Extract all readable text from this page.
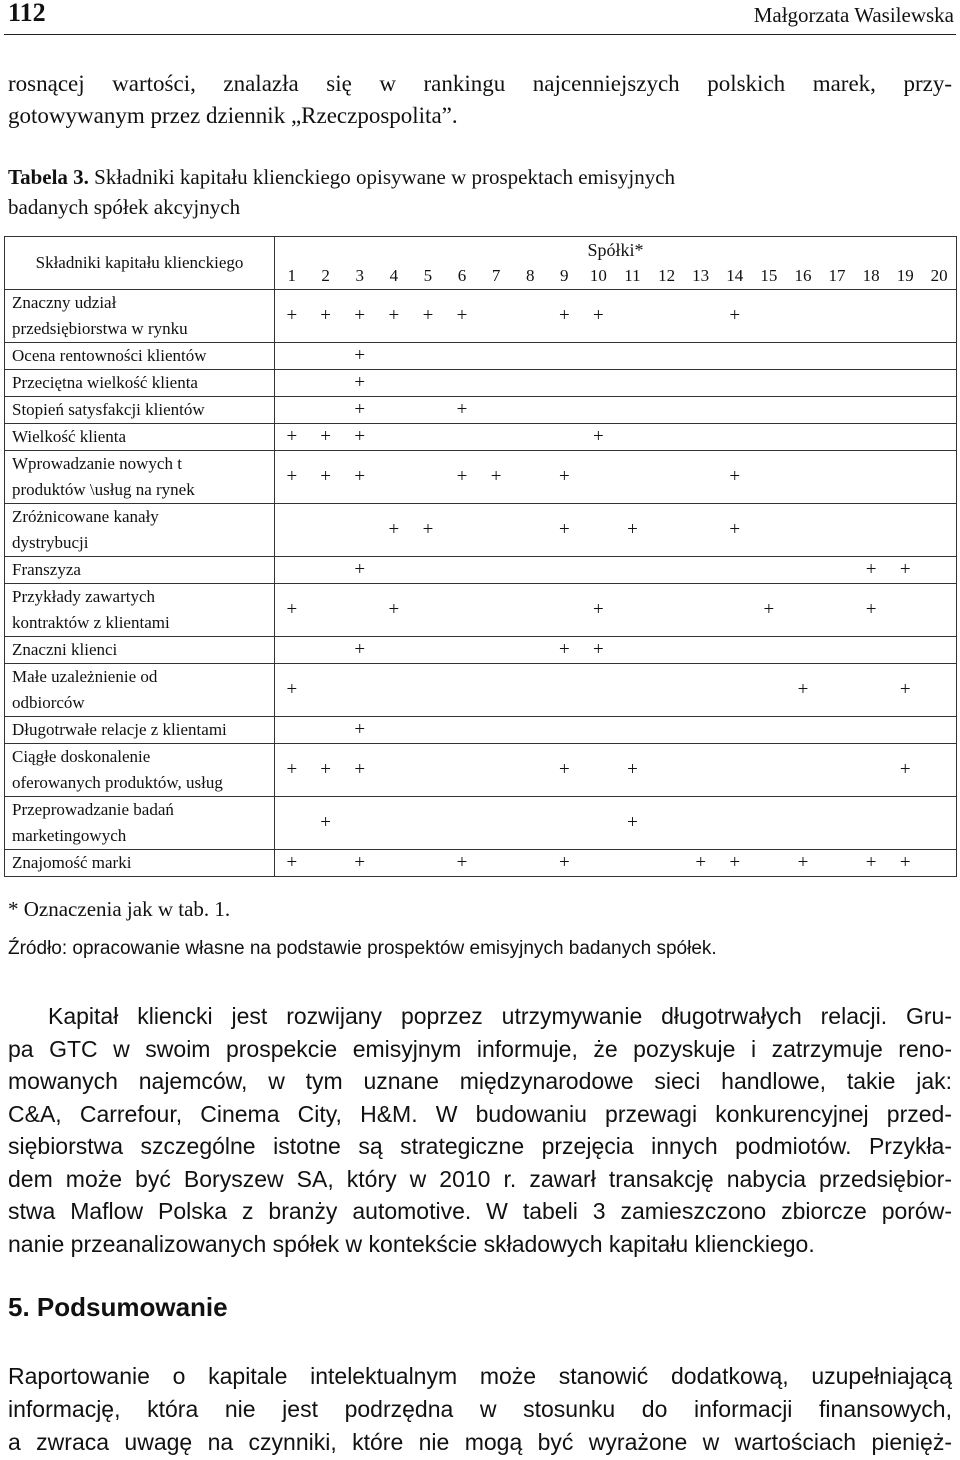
112	Małgorzata Wasilewska
rosnącej wartości, znalazła się w rankingu najcenniejszych polskich marek, przy-
gotowywanym przez dziennik „Rzeczpospolita”.
Tabela 3. Składniki kapitału klienckiego opisywane w prospektach emisyjnych
badanych spółek akcyjnych
Składniki kapitału klienckiego	Spółki*																			
	1	2	3	4	5	6	7	8	9	10	11	12	13	14	15	16	17	18	19	20

Znaczny udział
przedsiębiorstwa w rynku	+	+	+	+	+	+			+	+				+						

Ocena rentowności klientów			+																	

Przeciętna wielkość klienta			+																	

Stopień satysfakcji klientów			+			+														

Wielkość klienta	+	+	+							+										

Wprowadzanie nowych t
produktów \usług na rynek	+	+	+			+	+		+					+						

Zróżnicowane kanały
dystrybucji				+	+				+		+			+						

Franszyza			+															+	+	

Przykłady zawartych
kontraktów z klientami	+			+						+					+			+		

Znaczni klienci			+						+	+										

Małe uzależnienie od
odbiorców	+															+			+	

Długotrwałe relacje z klientami			+																	

Ciągłe doskonalenie
oferowanych produktów, usług	+	+	+						+		+								+	

Przeprowadzanie badań
marketingowych		+									+									

Znajomość marki	+		+			+			+				+	+		+		+	+	
* Oznaczenia jak w tab. 1.
Źródło: opracowanie własne na podstawie prospektów emisyjnych badanych spółek.
Kapitał kliencki jest rozwijany poprzez utrzymywanie długotrwałych relacji. Gru-
pa GTC w swoim prospekcie emisyjnym informuje, że pozyskuje i zatrzymuje reno-
mowanych najemców, w tym uznane międzynarodowe sieci handlowe, takie jak:
C&A, Carrefour, Cinema City, H&M. W budowaniu przewagi konkurencyjnej przed-
siębiorstwa szczególne istotne są strategiczne przejęcia innych podmiotów. Przykła-
dem może być Boryszew SA, który w 2010 r. zawarł transakcję nabycia przedsiębior-
stwa Maflow Polska z branży automotive. W tabeli 3 zamieszczono zbiorcze porów-
nanie przeanalizowanych spółek w kontekście składowych kapitału klienckiego.
5. Podsumowanie
Raportowanie o kapitale intelektualnym może stanowić dodatkową, uzupełniającą
informację, która nie jest podrzędna w stosunku do informacji finansowych,
a zwraca uwagę na czynniki, które nie mogą być wyrażone w wartościach pienięż-
